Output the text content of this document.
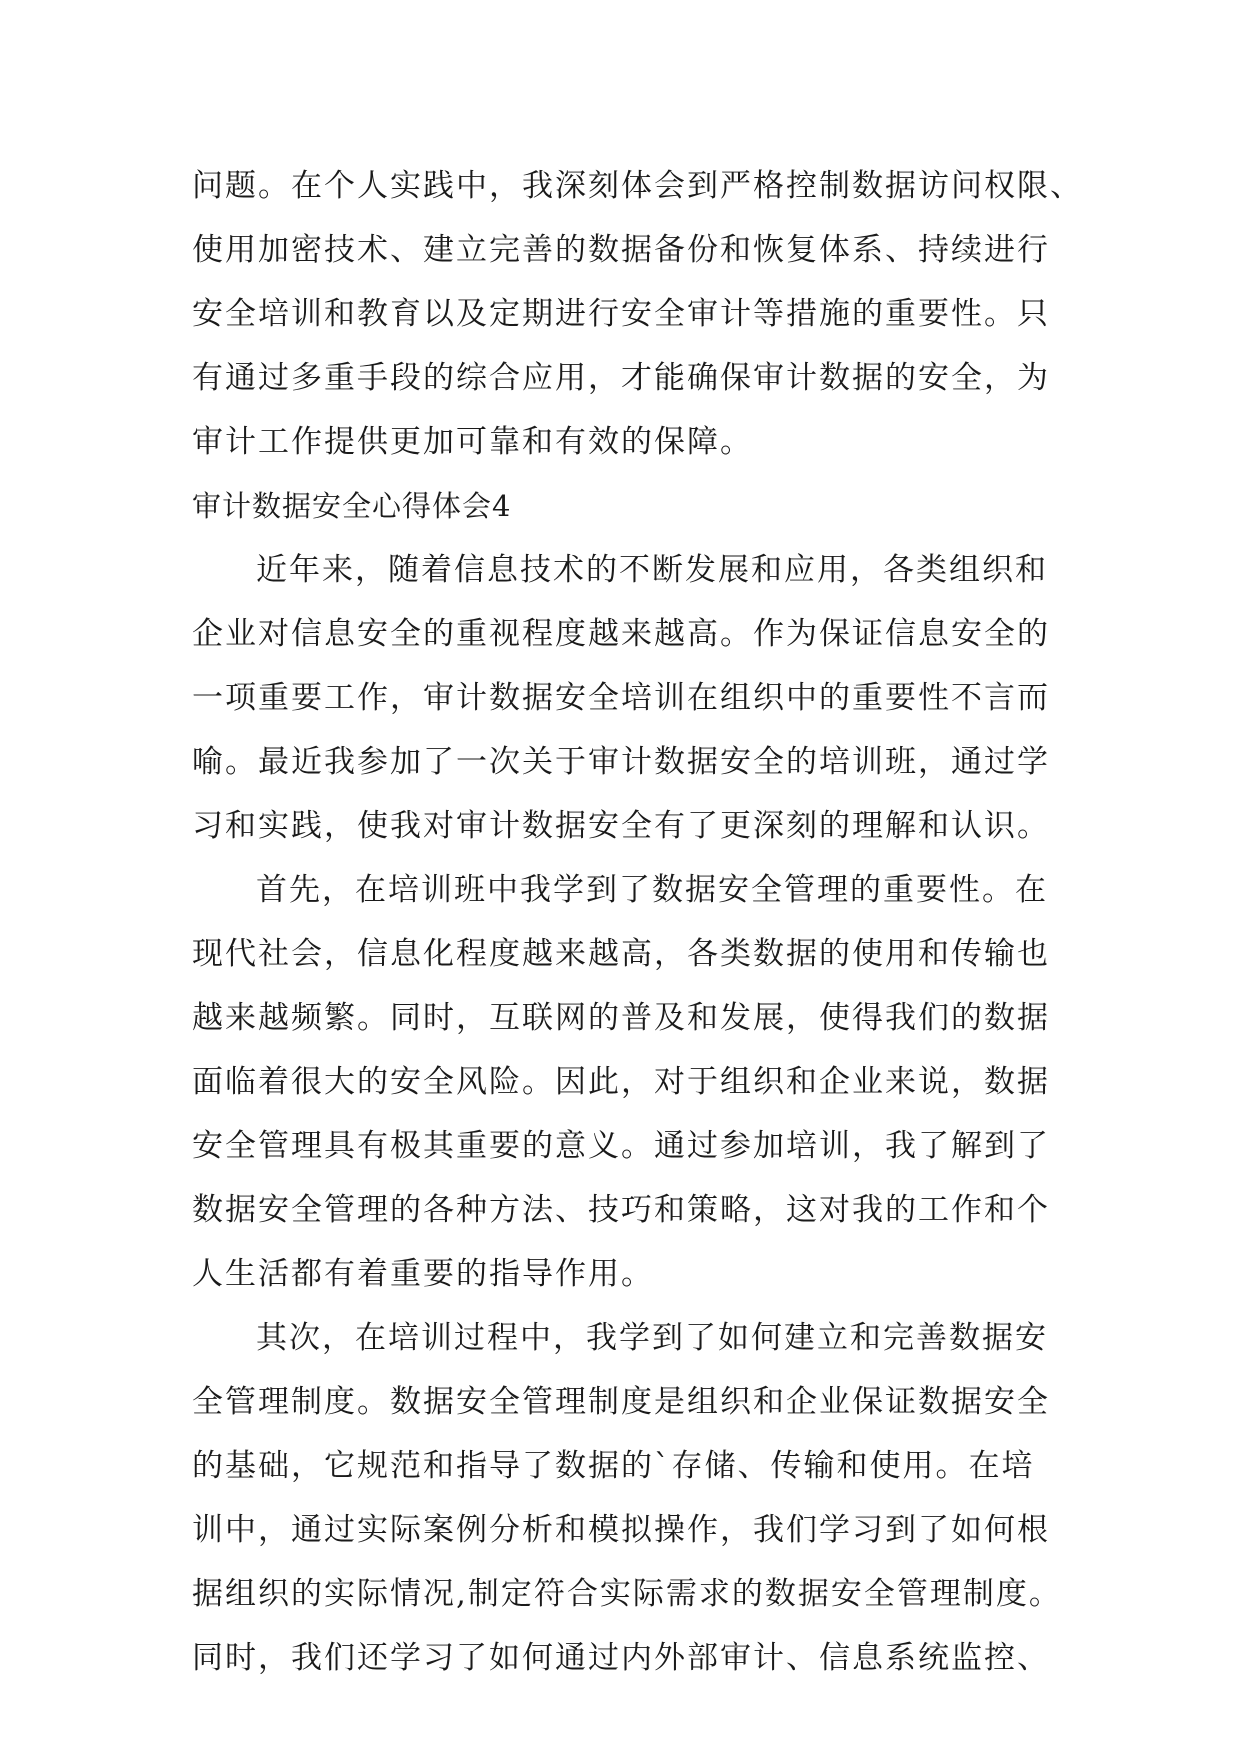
问题。在个人实践中，我深刻体会到严格控制数据访问权限、
使用加密技术、建立完善的数据备份和恢复体系、持续进行
安全培训和教育以及定期进行安全审计等措施的重要性。只
有通过多重手段的综合应用，才能确保审计数据的安全，为
审计工作提供更加可靠和有效的保障。
审计数据安全心得体会4
近年来，随着信息技术的不断发展和应用，各类组织和
企业对信息安全的重视程度越来越高。作为保证信息安全的
一项重要工作，审计数据安全培训在组织中的重要性不言而
喻。最近我参加了一次关于审计数据安全的培训班，通过学
习和实践，使我对审计数据安全有了更深刻的理解和认识。
首先，在培训班中我学到了数据安全管理的重要性。在
现代社会，信息化程度越来越高，各类数据的使用和传输也
越来越频繁。同时，互联网的普及和发展，使得我们的数据
面临着很大的安全风险。因此，对于组织和企业来说，数据
安全管理具有极其重要的意义。通过参加培训，我了解到了
数据安全管理的各种方法、技巧和策略，这对我的工作和个
人生活都有着重要的指导作用。
其次，在培训过程中，我学到了如何建立和完善数据安
全管理制度。数据安全管理制度是组织和企业保证数据安全
的基础，它规范和指导了数据的`存储、传输和使用。在培
训中，通过实际案例分析和模拟操作，我们学习到了如何根
据组织的实际情况,制定符合实际需求的数据安全管理制度。
同时，我们还学习了如何通过内外部审计、信息系统监控、
